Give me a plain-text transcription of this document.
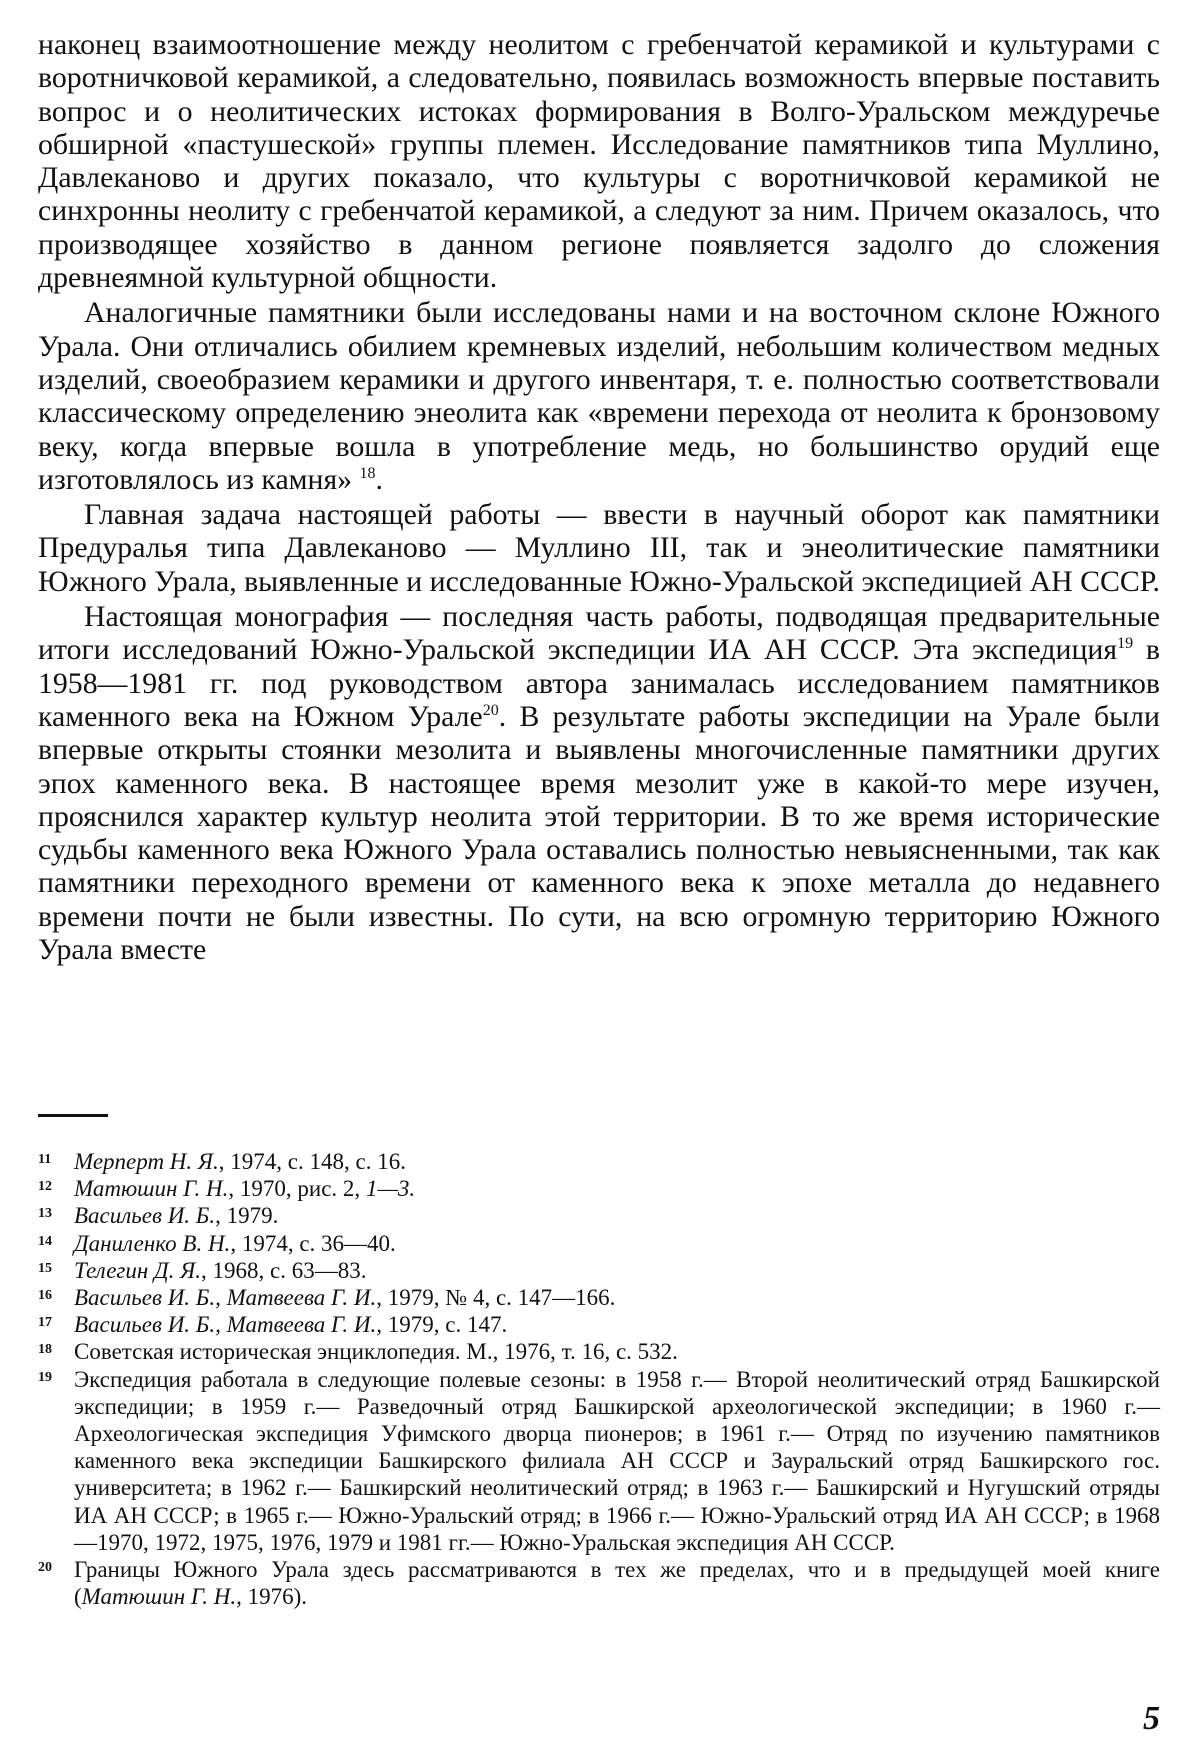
наконец взаимоотношение между неолитом с гребенчатой керамикой и культурами с воротничковой керамикой, а следовательно, появилась возможность впервые поставить вопрос и о неолитических истоках формирования в Волго-Уральском междуречье обширной «пастушеской» группы племен. Исследование памятников типа Муллино, Давлеканово и других показало, что культуры с воротничковой керамикой не синхронны неолиту с гребенчатой керамикой, а следуют за ним. Причем оказалось, что производящее хозяйство в данном регионе появляется задолго до сложения древнеямной культурной общности.

Аналогичные памятники были исследованы нами и на восточном склоне Южного Урала. Они отличались обилием кремневых изделий, небольшим количеством медных изделий, своеобразием керамики и другого инвентаря, т. е. полностью соответствовали классическому определению энеолита как «времени перехода от неолита к бронзовому веку, когда впервые вошла в употребление медь, но большинство орудий еще изготовлялось из камня» $^{18}$.

Главная задача настоящей работы — ввести в научный оборот как памятники Предуралья типа Давлеканово — Муллино III, так и энеолитические памятники Южного Урала, выявленные и исследованные Южно-Уральской экспедицией АН СССР.

Настоящая монография — последняя часть работы, подводящая предварительные итоги исследований Южно-Уральской экспедиции ИА АН СССР. Эта экспедиция$^{19}$ в 1958—1981 гг. под руководством автора занималась исследованием памятников каменного века на Южном Урале$^{20}$. В результате работы экспедиции на Урале были впервые открыты стоянки мезолита и выявлены многочисленные памятники других эпох каменного века. В настоящее время мезолит уже в какой-то мере изучен, прояснился характер культур неолита этой территории. В то же время исторические судьбы каменного века Южного Урала оставались полностью невыясненными, так как памятники переходного времени от каменного века к эпохе металла до недавнего времени почти не были известны. По сути, на всю огромную территорию Южного Урала вместе

11 Мерперт Н. Я., 1974, с. 148, с. 16.
12 Матюшин Г. Н., 1970, рис. 2, 1—3.
13 Васильев И. Б., 1979.
14 Даниленко В. Н., 1974, с. 36—40.
15 Телегин Д. Я., 1968, с. 63—83.
16 Васильев И. Б., Матвеева Г. И., 1979, № 4, с. 147—166.
17 Васильев И. Б., Матвеева Г. И., 1979, с. 147.
18 Советская историческая энциклопедия. М., 1976, т. 16, с. 532.
19 Экспедиция работала в следующие полевые сезоны: в 1958 г.— Второй неолитический отряд Башкирской экспедиции; в 1959 г.— Разведочный отряд Башкирской археологической экспедиции; в 1960 г.— Археологическая экспедиция Уфимского дворца пионеров; в 1961 г.— Отряд по изучению памятников каменного века экспедиции Башкирского филиала АН СССР и Зауральский отряд Башкирского гос. университета; в 1962 г.— Башкирский неолитический отряд; в 1963 г.— Башкирский и Нугушский отряды ИА АН СССР; в 1965 г.— Южно-Уральский отряд; в 1966 г.— Южно-Уральский отряд ИА АН СССР; в 1968—1970, 1972, 1975, 1976, 1979 и 1981 гг.— Южно-Уральская экспедиция АН СССР.
20 Границы Южного Урала здесь рассматриваются в тех же пределах, что и в предыдущей моей книге (Матюшин Г. Н., 1976).
5
